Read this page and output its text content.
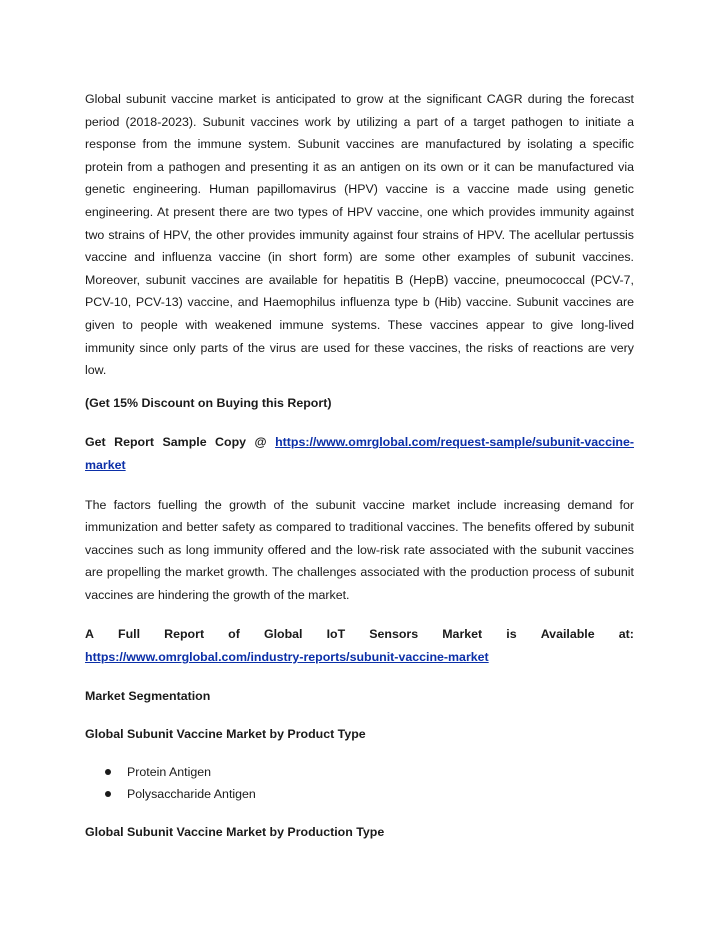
Global subunit vaccine market is anticipated to grow at the significant CAGR during the forecast period (2018-2023). Subunit vaccines work by utilizing a part of a target pathogen to initiate a response from the immune system. Subunit vaccines are manufactured by isolating a specific protein from a pathogen and presenting it as an antigen on its own or it can be manufactured via genetic engineering. Human papillomavirus (HPV) vaccine is a vaccine made using genetic engineering. At present there are two types of HPV vaccine, one which provides immunity against two strains of HPV, the other provides immunity against four strains of HPV. The acellular pertussis vaccine and influenza vaccine (in short form) are some other examples of subunit vaccines. Moreover, subunit vaccines are available for hepatitis B (HepB) vaccine, pneumococcal (PCV-7, PCV-10, PCV-13) vaccine, and Haemophilus influenza type b (Hib) vaccine. Subunit vaccines are given to people with weakened immune systems. These vaccines appear to give long-lived immunity since only parts of the virus are used for these vaccines, the risks of reactions are very low.

(Get 15% Discount on Buying this Report)

Get Report Sample Copy @ https://www.omrglobal.com/request-sample/subunit-vaccine-market

The factors fuelling the growth of the subunit vaccine market include increasing demand for immunization and better safety as compared to traditional vaccines. The benefits offered by subunit vaccines such as long immunity offered and the low-risk rate associated with the subunit vaccines are propelling the market growth. The challenges associated with the production process of subunit vaccines are hindering the growth of the market.

A Full Report of Global IoT Sensors Market is Available at:
https://www.omrglobal.com/industry-reports/subunit-vaccine-market

Market Segmentation

Global Subunit Vaccine Market by Product Type

Protein Antigen
Polysaccharide Antigen

Global Subunit Vaccine Market by Production Type
